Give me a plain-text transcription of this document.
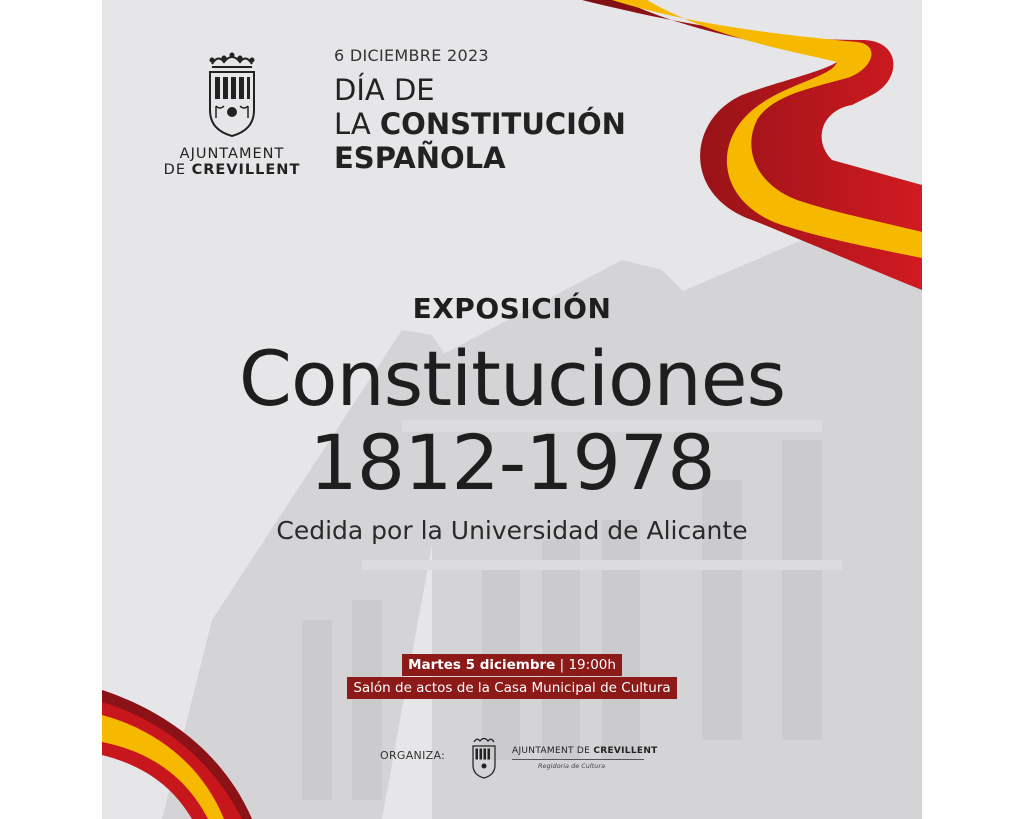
AJUNTAMENT
DE CREVILLENT
6 DICIEMBRE 2023
DÍA DE
LA CONSTITUCIÓN
ESPAÑOLA
EXPOSICIÓN
Constituciones
1812-1978
Cedida por la Universidad de Alicante
Martes 5 diciembre | 19:00h
Salón de actos de la Casa Municipal de Cultura
ORGANIZA:	AJUNTAMENT DE CREVILLENT
Regidoria de Cultura
